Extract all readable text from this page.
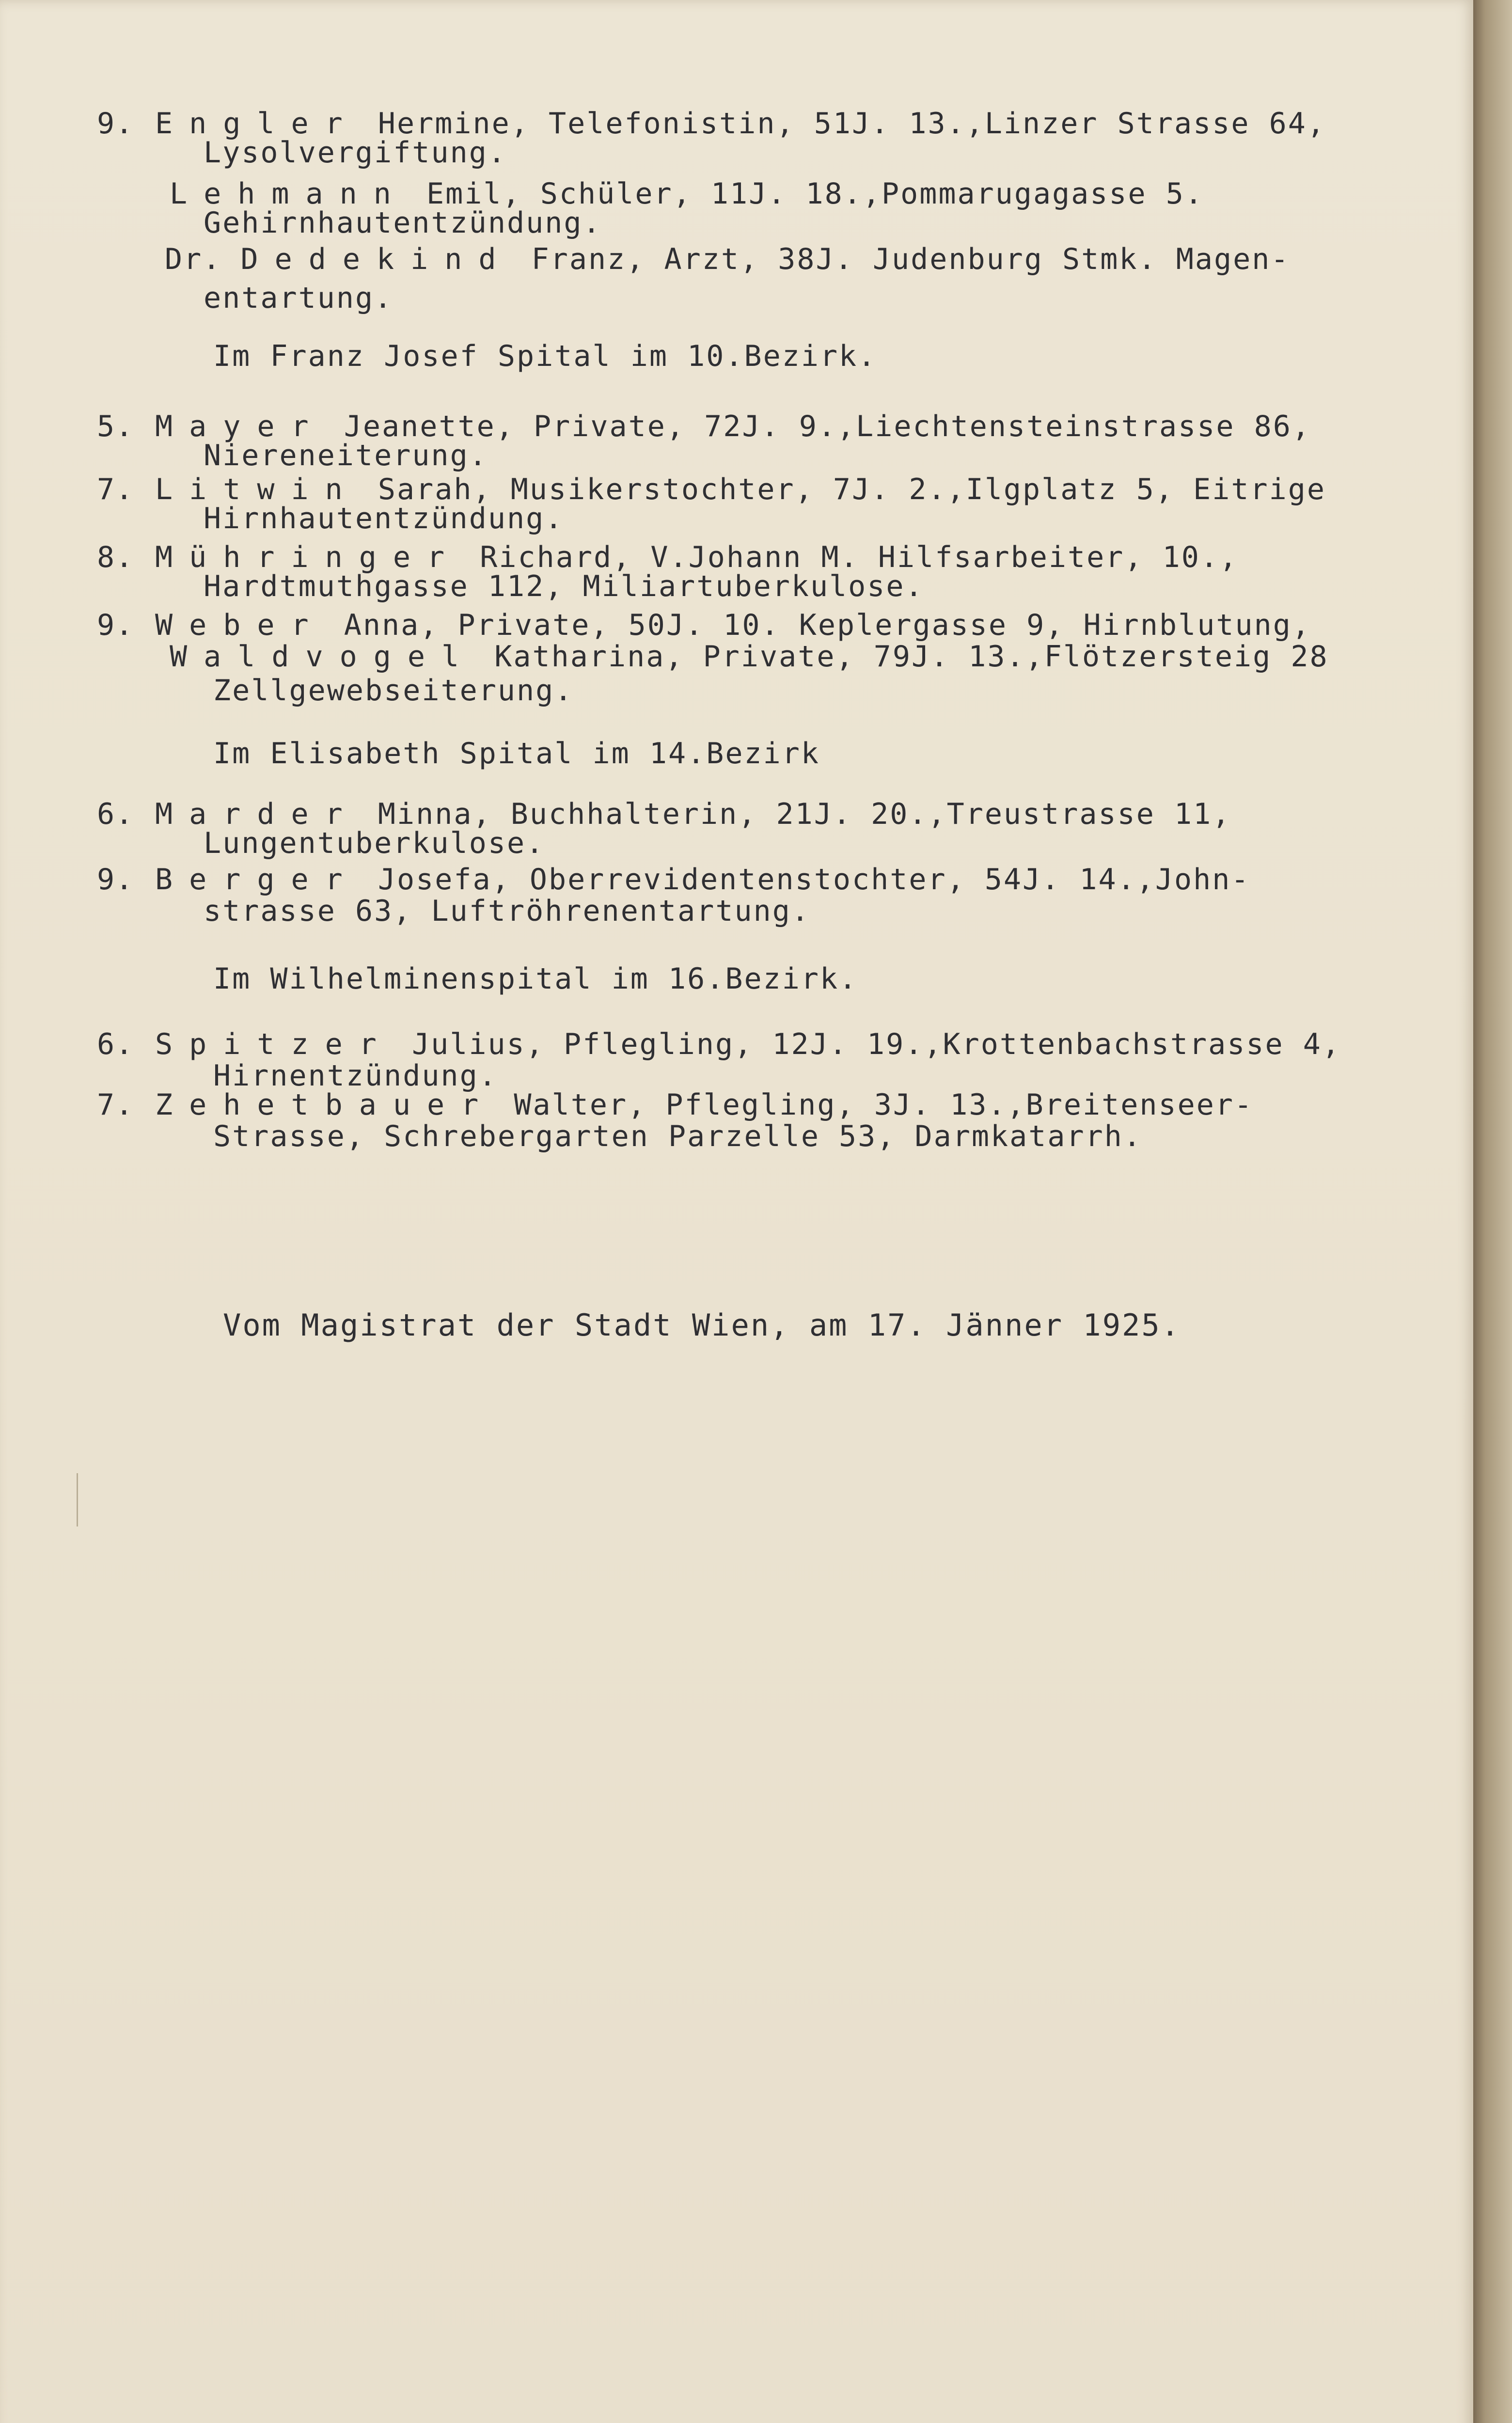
9. Engler Hermine, Telefonistin, 51J. 13.,Linzer Strasse 64,
Lysolvergiftung.
Lehmann Emil, Schüler, 11J. 18.,Pommarugagasse 5.
Gehirnhautentzündung.
Dr. Dedekind Franz, Arzt, 38J. Judenburg Stmk. Magen-
entartung.
Im Franz Josef Spital im 10.Bezirk.
5. Mayer Jeanette, Private, 72J. 9.,Liechtensteinstrasse 86,
Niereneiterung.
7. Litwin Sarah, Musikerstochter, 7J. 2.,Ilgplatz 5, Eitrige
Hirnhautentzündung.
8. Mühringer Richard, V.Johann M. Hilfsarbeiter, 10.,
Hardtmuthgasse 112, Miliartuberkulose.
9. Weber Anna, Private, 50J. 10. Keplergasse 9, Hirnblutung,
Waldvogel Katharina, Private, 79J. 13.,Flötzersteig 28
Zellgewebseiterung.
Im Elisabeth Spital im 14.Bezirk
6. Marder Minna, Buchhalterin, 21J. 20.,Treustrasse 11,
Lungentuberkulose.
9. Berger Josefa, Oberrevidentenstochter, 54J. 14.,John-
strasse 63, Luftröhrenentartung.
Im Wilhelminenspital im 16.Bezirk.
6. Spitzer Julius, Pflegling, 12J. 19.,Krottenbachstrasse 4,
Hirnentzündung.
7. Zehetbauer Walter, Pflegling, 3J. 13.,Breitenseer-
Strasse, Schrebergarten Parzelle 53, Darmkatarrh.
Vom Magistrat der Stadt Wien, am 17. Jänner 1925.
